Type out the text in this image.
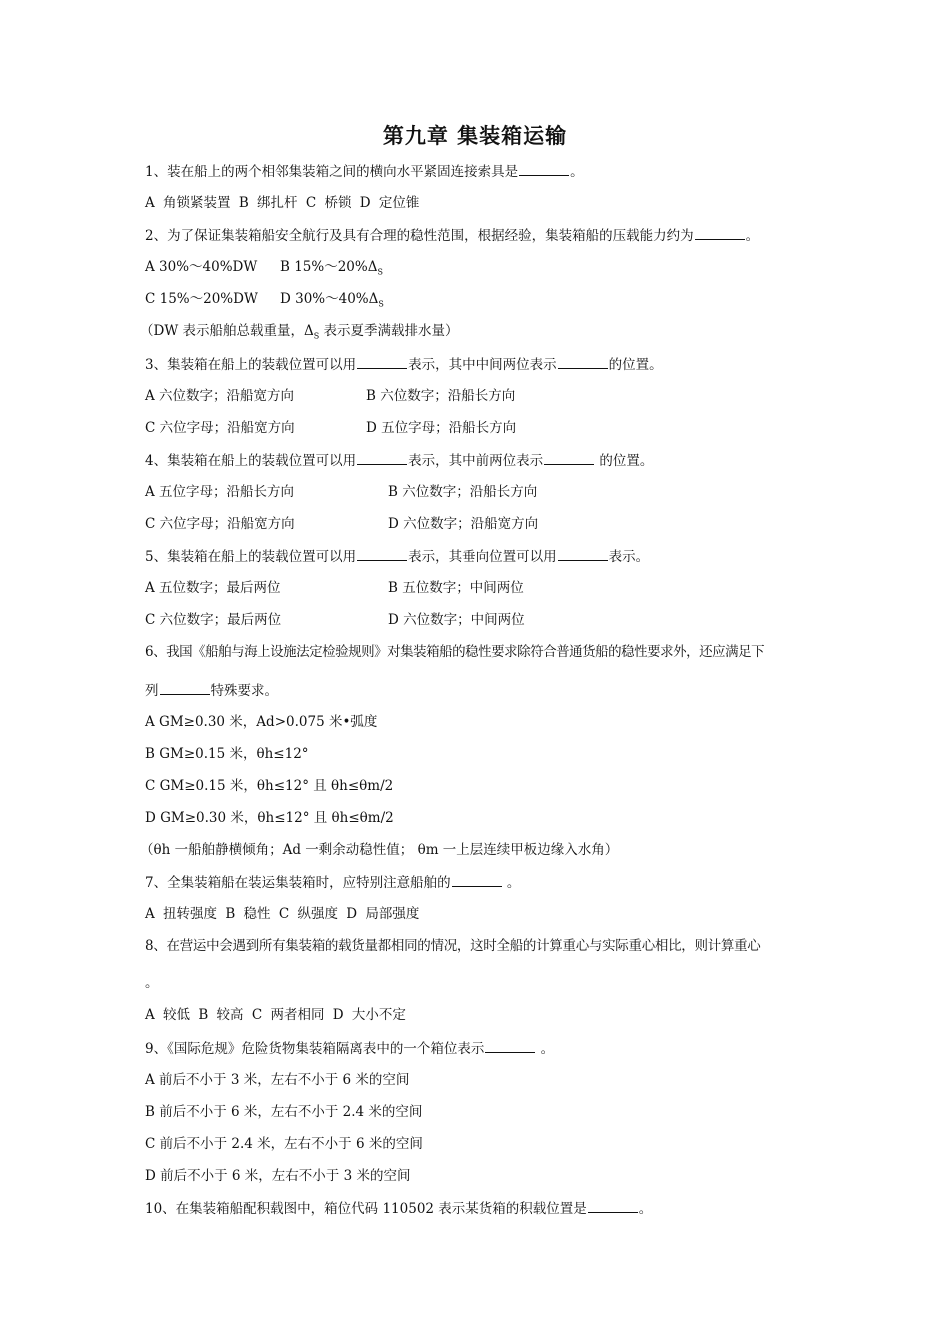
第九章 集装箱运输
1、装在船上的两个相邻集装箱之间的横向水平紧固连接索具是	。
A 角锁紧装置 B 绑扎杆 C 桥锁 D 定位锥
2、为了保证集装箱船安全航行及具有合理的稳性范围，根据经验，集装箱船的压载能力约为	。
A 30%～40%DW B $15\%\sim 20\%\Delta_S$
C 15%～20%DW D $30\%\sim 40\%\Delta_S$
（DW 表示船舶总载重量，$\Delta_S$ 表示夏季满载排水量）
3、集装箱在船上的装载位置可以用	表示，其中中间两位表示	的位置。
A 六位数字；沿船宽方向	B 六位数字；沿船长方向
C 六位字母；沿船宽方向	D 五位字母；沿船长方向
4、集装箱在船上的装载位置可以用	表示，其中前两位表示	的位置。
A 五位字母；沿船长方向	B 六位数字；沿船长方向
C 六位字母；沿船宽方向	D 六位数字；沿船宽方向
5、集装箱在船上的装载位置可以用	表示，其垂向位置可以用	表示。
A 五位数字；最后两位	B 五位数字；中间两位
C 六位数字；最后两位	D 六位数字；中间两位
6、我国《船舶与海上设施法定检验规则》对集装箱船的稳性要求除符合普通货船的稳性要求外，还应满足下
列	特殊要求。
A GM≥0.30 米，Ad>0.075 米•弧度
B GM≥0.15 米，θh≤12°
C GM≥0.15 米，θh≤12° 且 θh≤θm/2
D GM≥0.30 米，θh≤12° 且 θh≤θm/2
（θh 一船舶静横倾角；Ad 一剩余动稳性值； θm 一上层连续甲板边缘入水角）
7、全集装箱船在装运集装箱时，应特别注意船舶的	。
A 扭转强度 B 稳性 C 纵强度 D 局部强度
8、在营运中会遇到所有集装箱的载货量都相同的情况，这时全船的计算重心与实际重心相比，则计算重心
。
A 较低 B 较高 C 两者相同 D 大小不定
9、《国际危规》危险货物集装箱隔离表中的一个箱位表示	。
A 前后不小于 3 米，左右不小于 6 米的空间
B 前后不小于 6 米，左右不小于 2.4 米的空间
C 前后不小于 2.4 米，左右不小于 6 米的空间
D 前后不小于 6 米，左右不小于 3 米的空间
10、在集装箱船配积载图中，箱位代码 110502 表示某货箱的积载位置是	。
